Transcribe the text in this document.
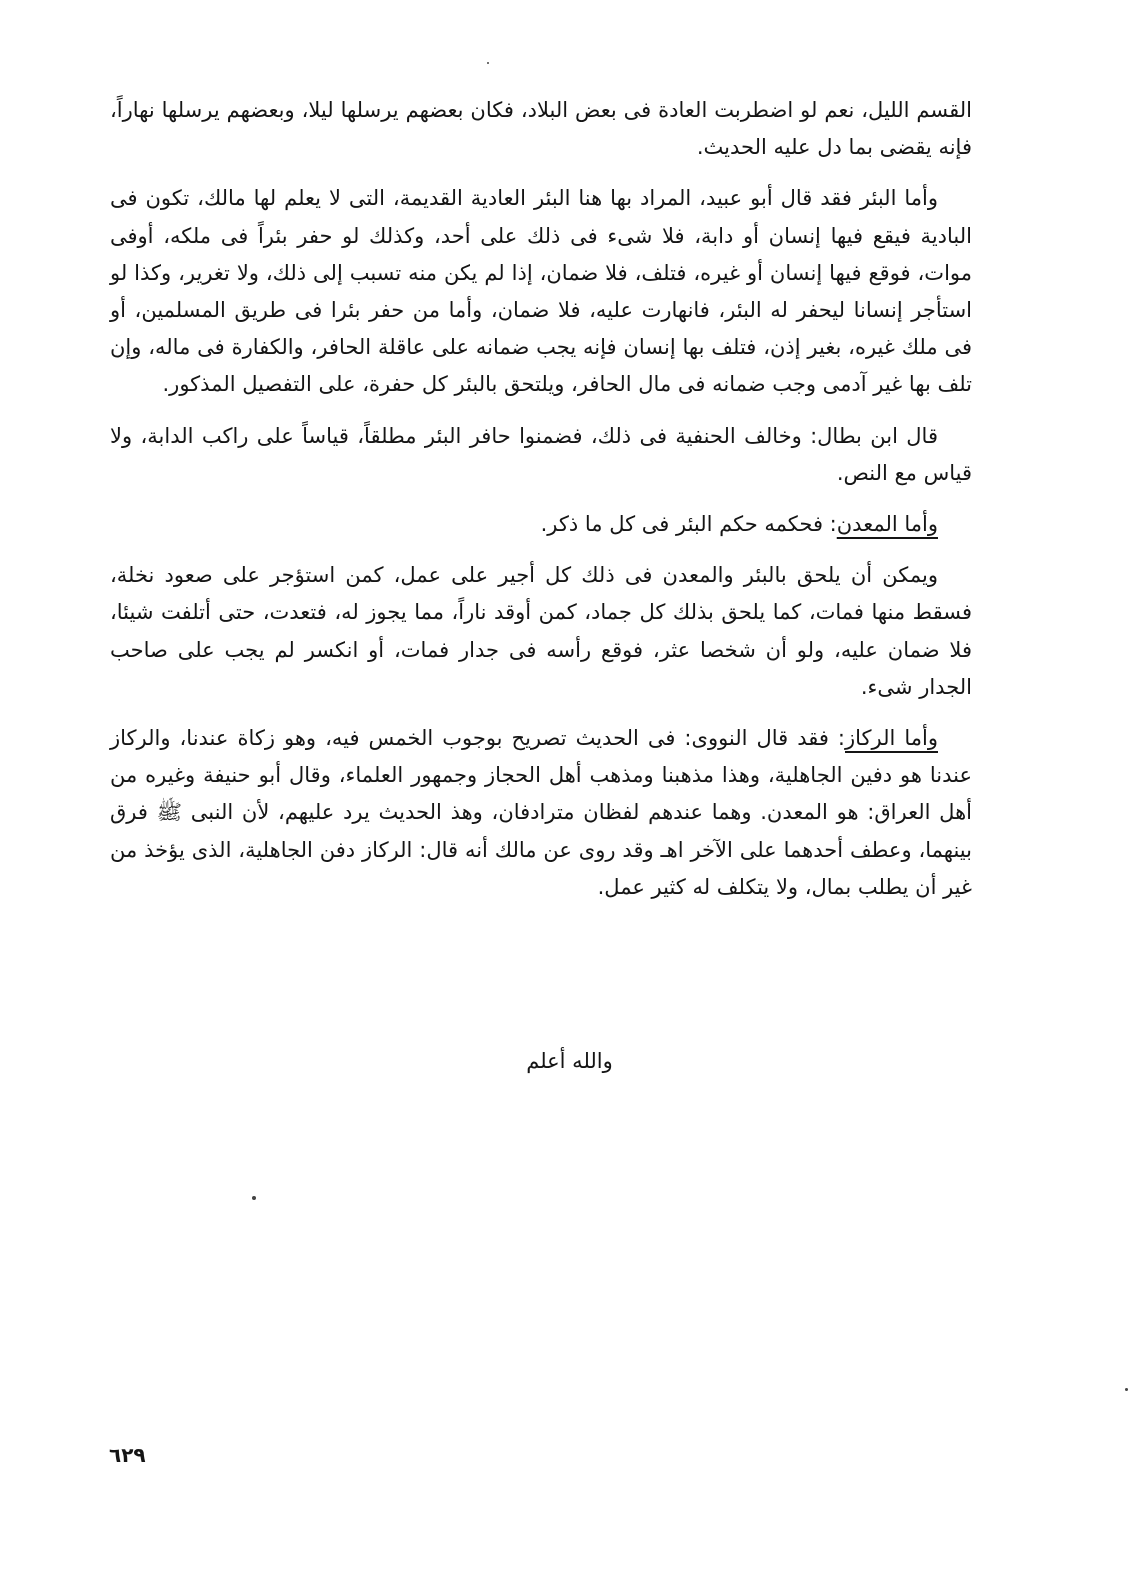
القسم الليل، نعم لو اضطربت العادة فى بعض البلاد، فكان بعضهم يرسلها ليلا، وبعضهم يرسلها نهاراً، فإنه يقضى بما دل عليه الحديث.

وأما البئر فقد قال أبو عبيد، المراد بها هنا البئر العادية القديمة، التى لا يعلم لها مالك، تكون فى البادية فيقع فيها إنسان أو دابة، فلا شىء فى ذلك على أحد، وكذلك لو حفر بئراً فى ملكه، أوفى موات، فوقع فيها إنسان أو غيره، فتلف، فلا ضمان، إذا لم يكن منه تسبب إلى ذلك، ولا تغرير، وكذا لو استأجر إنسانا ليحفر له البئر، فانهارت عليه، فلا ضمان، وأما من حفر بئرا فى طريق المسلمين، أو فى ملك غيره، بغير إذن، فتلف بها إنسان فإنه يجب ضمانه على عاقلة الحافر، والكفارة فى ماله، وإن تلف بها غير آدمى وجب ضمانه فى مال الحافر، ويلتحق بالبئر كل حفرة، على التفصيل المذكور.

قال ابن بطال: وخالف الحنفية فى ذلك، فضمنوا حافر البئر مطلقاً، قياساً على راكب الدابة، ولا قياس مع النص.

وأما المعدن: فحكمه حكم البئر فى كل ما ذكر.

ويمكن أن يلحق بالبئر والمعدن فى ذلك كل أجير على عمل، كمن استؤجر على صعود نخلة، فسقط منها فمات، كما يلحق بذلك كل جماد، كمن أوقد ناراً، مما يجوز له، فتعدت، حتى أتلفت شيئا، فلا ضمان عليه، ولو أن شخصا عثر، فوقع رأسه فى جدار فمات، أو انكسر لم يجب على صاحب الجدار شىء.

وأما الركاز: فقد قال النووى: فى الحديث تصريح بوجوب الخمس فيه، وهو زكاة عندنا، والركاز عندنا هو دفين الجاهلية، وهذا مذهبنا ومذهب أهل الحجاز وجمهور العلماء، وقال أبو حنيفة وغيره من أهل العراق: هو المعدن. وهما عندهم لفظان مترادفان، وهذ الحديث يرد عليهم، لأن النبى ﷺ فرق بينهما، وعطف أحدهما على الآخر اهـ وقد روى عن مالك أنه قال: الركاز دفن الجاهلية، الذى يؤخذ من غير أن يطلب بمال، ولا يتكلف له كثير عمل.

والله أعلم
٦٢٩
